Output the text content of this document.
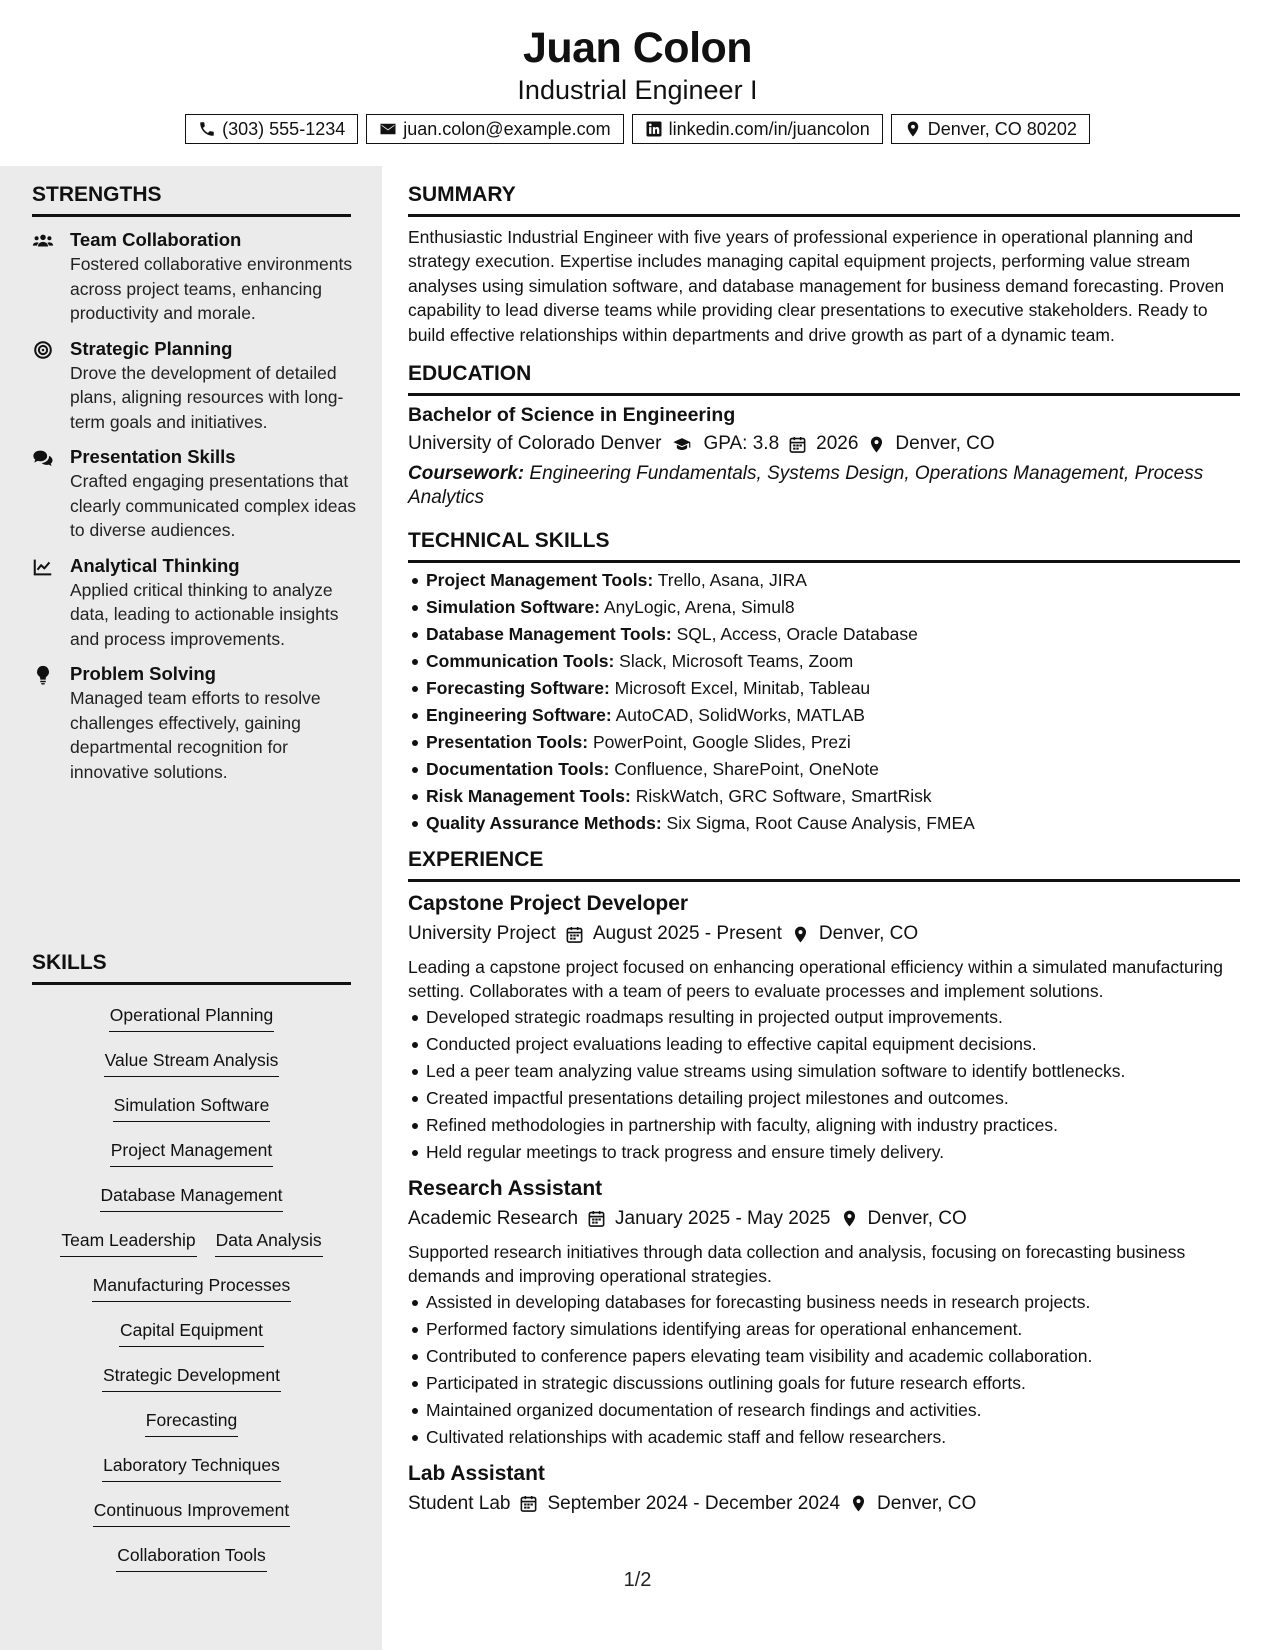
Juan Colon
Industrial Engineer I
(303) 555-1234	juan.colon@example.com	linkedin.com/in/juancolon	Denver, CO 80202
STRENGTHS
Team Collaboration
Fostered collaborative environments across project teams, enhancing productivity and morale.
Strategic Planning
Drove the development of detailed plans, aligning resources with long-term goals and initiatives.
Presentation Skills
Crafted engaging presentations that clearly communicated complex ideas to diverse audiences.
Analytical Thinking
Applied critical thinking to analyze data, leading to actionable insights and process improvements.
Problem Solving
Managed team efforts to resolve challenges effectively, gaining departmental recognition for innovative solutions.
SKILLS
Operational Planning
Value Stream Analysis
Simulation Software
Project Management
Database Management
Team Leadership Data Analysis
Manufacturing Processes
Capital Equipment
Strategic Development
Forecasting
Laboratory Techniques
Continuous Improvement
Collaboration Tools
SUMMARY
Enthusiastic Industrial Engineer with five years of professional experience in operational planning and strategy execution. Expertise includes managing capital equipment projects, performing value stream analyses using simulation software, and database management for business demand forecasting. Proven capability to lead diverse teams while providing clear presentations to executive stakeholders. Ready to build effective relationships within departments and drive growth as part of a dynamic team.
EDUCATION
Bachelor of Science in Engineering
University of Colorado Denver GPA: 3.8 2026 Denver, CO
Coursework: Engineering Fundamentals, Systems Design, Operations Management, Process Analytics
TECHNICAL SKILLS
Project Management Tools: Trello, Asana, JIRA
Simulation Software: AnyLogic, Arena, Simul8
Database Management Tools: SQL, Access, Oracle Database
Communication Tools: Slack, Microsoft Teams, Zoom
Forecasting Software: Microsoft Excel, Minitab, Tableau
Engineering Software: AutoCAD, SolidWorks, MATLAB
Presentation Tools: PowerPoint, Google Slides, Prezi
Documentation Tools: Confluence, SharePoint, OneNote
Risk Management Tools: RiskWatch, GRC Software, SmartRisk
Quality Assurance Methods: Six Sigma, Root Cause Analysis, FMEA
EXPERIENCE
Capstone Project Developer
University Project August 2025 - Present Denver, CO
Leading a capstone project focused on enhancing operational efficiency within a simulated manufacturing setting. Collaborates with a team of peers to evaluate processes and implement solutions.
Developed strategic roadmaps resulting in projected output improvements.
Conducted project evaluations leading to effective capital equipment decisions.
Led a peer team analyzing value streams using simulation software to identify bottlenecks.
Created impactful presentations detailing project milestones and outcomes.
Refined methodologies in partnership with faculty, aligning with industry practices.
Held regular meetings to track progress and ensure timely delivery.
Research Assistant
Academic Research January 2025 - May 2025 Denver, CO
Supported research initiatives through data collection and analysis, focusing on forecasting business demands and improving operational strategies.
Assisted in developing databases for forecasting business needs in research projects.
Performed factory simulations identifying areas for operational enhancement.
Contributed to conference papers elevating team visibility and academic collaboration.
Participated in strategic discussions outlining goals for future research efforts.
Maintained organized documentation of research findings and activities.
Cultivated relationships with academic staff and fellow researchers.
Lab Assistant
Student Lab September 2024 - December 2024 Denver, CO
1/2
